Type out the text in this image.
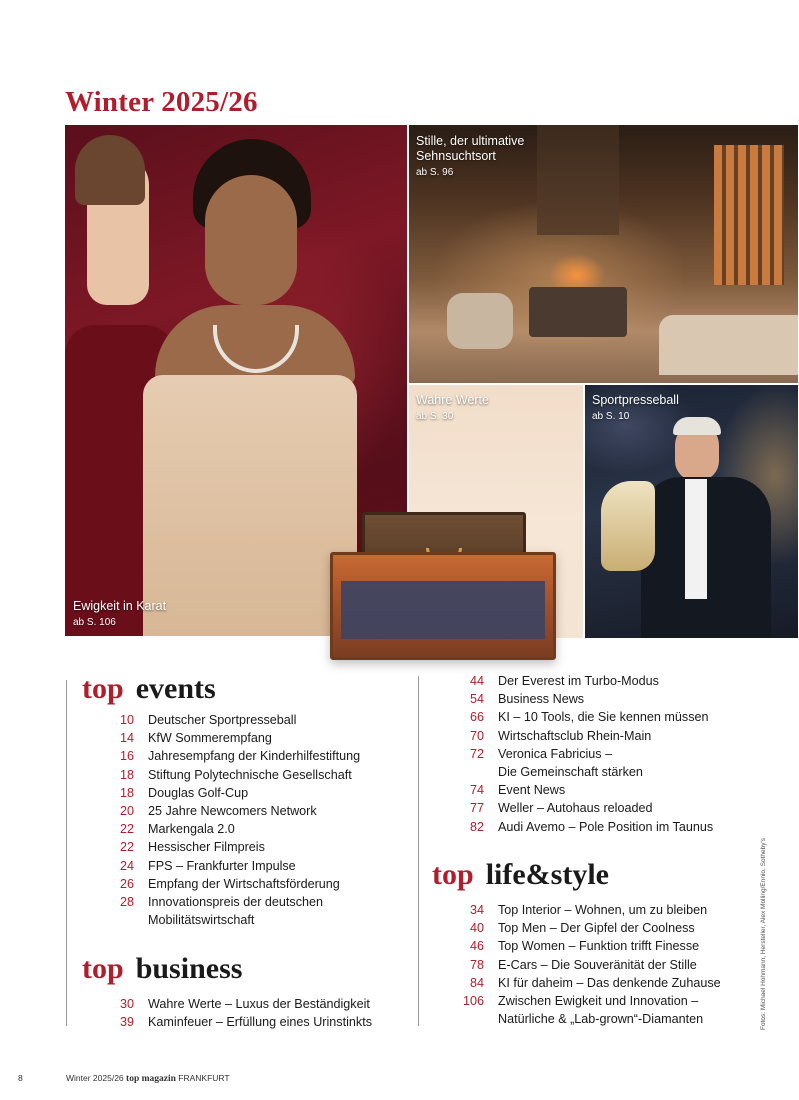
Winter 2025/26
Ewigkeit in Karat
ab S. 106
Stille, der ultimative Sehnsuchtsort
ab S. 96
Wahre Werte
ab S. 30
Sportpresseball
ab S. 10
top events
10 Deutscher Sportpresseball
14 KfW Sommerempfang
16 Jahresempfang der Kinderhilfestiftung
18 Stiftung Polytechnische Gesellschaft
18 Douglas Golf-Cup
20 25 Jahre Newcomers Network
22 Markengala 2.0
22 Hessischer Filmpreis
24 FPS – Frankfurter Impulse
26 Empfang der Wirtschaftsförderung
28 Innovationspreis der deutschen
Mobilitätswirtschaft
top business
30 Wahre Werte – Luxus der Beständigkeit
39 Kaminfeuer – Erfüllung eines Urinstinkts
44 Der Everest im Turbo-Modus
54 Business News
66 KI – 10 Tools, die Sie kennen müssen
70 Wirtschaftsclub Rhein-Main
72 Veronica Fabricius –
Die Gemeinschaft stärken
74 Event News
77 Weller – Autohaus reloaded
82 Audi Avemo – Pole Position im Taunus
top life&style
34 Top Interior – Wohnen, um zu bleiben
40 Top Men – Der Gipfel der Coolness
46 Top Women – Funktion trifft Finesse
78 E-Cars – Die Souveränität der Stille
84 KI für daheim – Das denkende Zuhause
106 Zwischen Ewigkeit und Innovation –
Natürliche & „Lab-grown“-Diamanten	Fotos: Michael Hohmann, Hersteller, Alex Molling/Ennio, Sotheby's
8	Winter 2025/26 top magazin FRANKFURT
